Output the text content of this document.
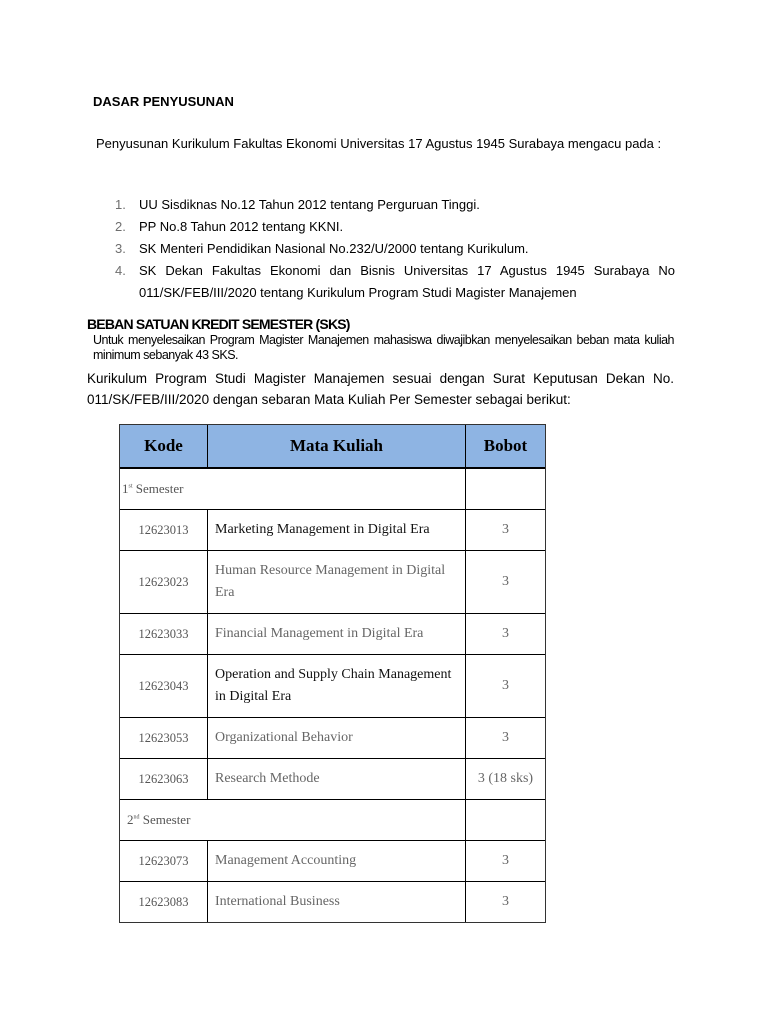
DASAR PENYUSUNAN
Penyusunan Kurikulum Fakultas Ekonomi Universitas 17 Agustus 1945 Surabaya mengacu pada :
1. UU Sisdiknas No.12 Tahun 2012 tentang Perguruan Tinggi.
2. PP No.8 Tahun 2012 tentang KKNI.
3. SK Menteri Pendidikan Nasional No.232/U/2000 tentang Kurikulum.
4. SK Dekan Fakultas Ekonomi dan Bisnis Universitas 17 Agustus 1945 Surabaya No 011/SK/FEB/III/2020 tentang Kurikulum Program Studi Magister Manajemen
BEBAN SATUAN KREDIT SEMESTER (SKS)
Untuk menyelesaikan Program Magister Manajemen mahasiswa diwajibkan menyelesaikan beban mata kuliah minimum sebanyak 43 SKS.
Kurikulum Program Studi Magister Manajemen sesuai dengan Surat Keputusan Dekan No. 011/SK/FEB/III/2020 dengan sebaran Mata Kuliah Per Semester sebagai berikut:
Kode	Mata Kuliah	Bobot
1st Semester		
12623013	Marketing Management in Digital Era	3
12623023	Human Resource Management in Digital Era	3
12623033	Financial Management in Digital Era	3
12623043	Operation and Supply Chain Management in Digital Era	3
12623053	Organizational Behavior	3
12623063	Research Methode	3 (18 sks)
2nd Semester		
12623073	Management Accounting	3
12623083	International Business	3
